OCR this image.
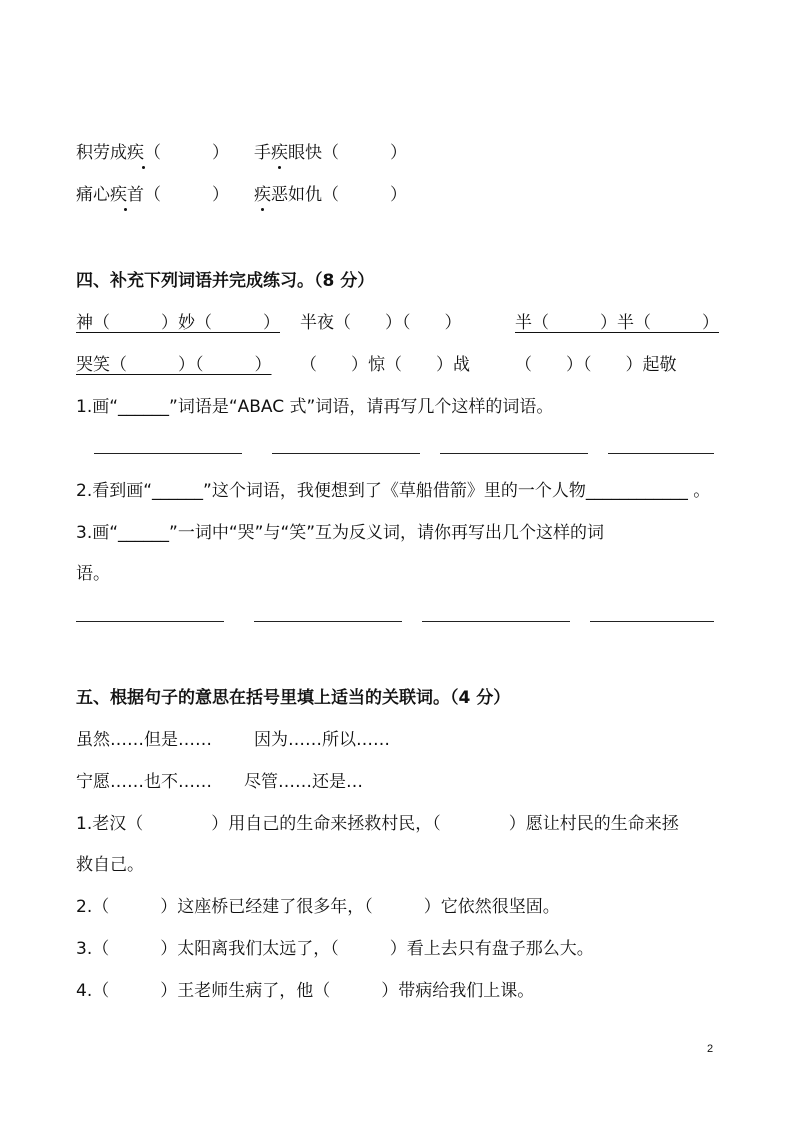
积劳成疾（　　　） 手疾眼快（　　　）
痛心疾首（　　　） 疾恶如仇（　　　）
四、补充下列词语并完成练习。（8 分）
神（　　　）妙（　　　） 半夜（　　）（　　）	半（　　　）半（　　　）
哭笑（　　　）（　　　） （　　）惊（　　）战	（　　）（　　）起敬
1.画“______”词语是“ABAC 式”词语，请再写几个这样的词语。
2.看到画“______”这个词语，我便想到了《草船借箭》里的一个人物____________ 。
3.画“______”一词中“哭”与“笑”互为反义词，请你再写出几个这样的词
语。
五、根据句子的意思在括号里填上适当的关联词。（4 分）
虽然……但是…… 因为……所以……
宁愿……也不…… 尽管……还是…
1.老汉（　　　　）用自己的生命来拯救村民，（　　　　）愿让村民的生命来拯
救自己。
2.（　　　）这座桥已经建了很多年，（　　　）它依然很坚固。
3.（　　　）太阳离我们太远了，（　　　）看上去只有盘子那么大。
4.（　　　）王老师生病了，他（　　　）带病给我们上课。
2
